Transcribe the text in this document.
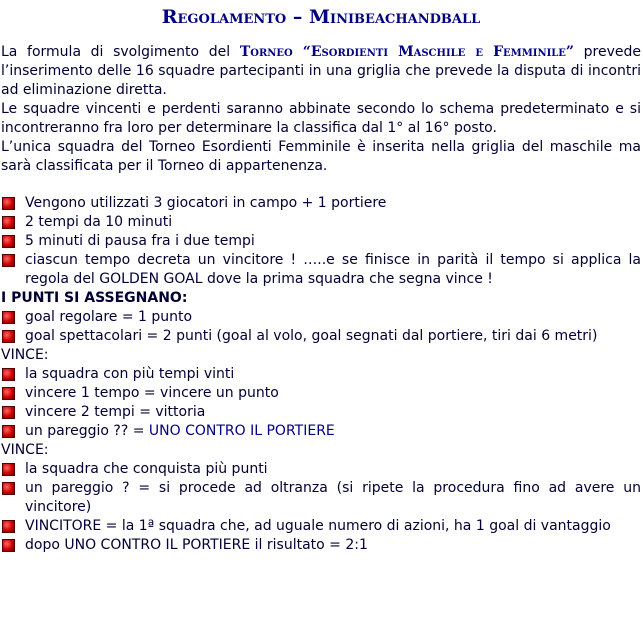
Regolamento – Minibeachandball

La formula di svolgimento del Torneo “Esordienti Maschile e Femminile” prevede l’inserimento delle 16 squadre partecipanti in una griglia che prevede la disputa di incontri ad eliminazione diretta.

Le squadre vincenti e perdenti saranno abbinate secondo lo schema predeterminato e si incontreranno fra loro per determinare la classifica dal 1° al 16° posto.

L’unica squadra del Torneo Esordienti Femminile è inserita nella griglia del maschile ma sarà classificata per il Torneo di appartenenza.

Vengono utilizzati 3 giocatori in campo + 1 portiere
2 tempi da 10 minuti
5 minuti di pausa fra i due tempi
ciascun tempo decreta un vincitore ! …..e se finisce in parità il tempo si applica la regola del GOLDEN GOAL dove la prima squadra che segna vince !
I PUNTI SI ASSEGNANO:
goal regolare = 1 punto
goal spettacolari = 2 punti (goal al volo, goal segnati dal portiere, tiri dai 6 metri)
VINCE:
la squadra con più tempi vinti
vincere 1 tempo = vincere un punto
vincere 2 tempi = vittoria
un pareggio ?? = UNO CONTRO IL PORTIERE
VINCE:
la squadra che conquista più punti
un pareggio ? = si procede ad oltranza (si ripete la procedura fino ad avere un vincitore)
VINCITORE = la 1ª squadra che, ad uguale numero di azioni, ha 1 goal di vantaggio
dopo UNO CONTRO IL PORTIERE il risultato = 2:1
